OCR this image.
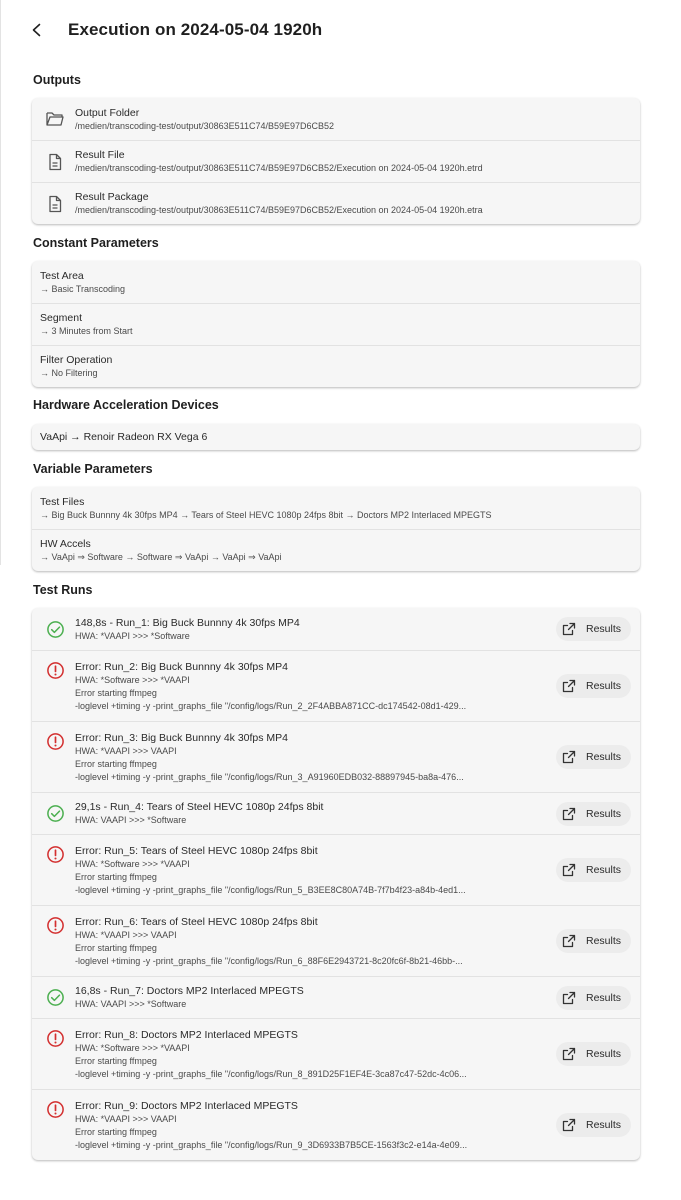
Execution on 2024-05-04 1920h
Outputs
Output Folder
/medien/transcoding-test/output/30863E511C74/B59E97D6CB52
Result File
/medien/transcoding-test/output/30863E511C74/B59E97D6CB52/Execution on 2024-05-04 1920h.etrd
Result Package
/medien/transcoding-test/output/30863E511C74/B59E97D6CB52/Execution on 2024-05-04 1920h.etra
Constant Parameters
Test Area
→ Basic Transcoding
Segment
→ 3 Minutes from Start
Filter Operation
→ No Filtering
Hardware Acceleration Devices
VaApi → Renoir Radeon RX Vega 6
Variable Parameters
Test Files
→ Big Buck Bunnny 4k 30fps MP4 → Tears of Steel HEVC 1080p 24fps 8bit → Doctors MP2 Interlaced MPEGTS
HW Accels
→ VaApi ⇒ Software → Software ⇒ VaApi → VaApi ⇒ VaApi
Test Runs
148,8s - Run_1: Big Buck Bunnny 4k 30fps MP4
HWA: *VAAPI >>> *Software
Results
Error: Run_2: Big Buck Bunnny 4k 30fps MP4
HWA: *Software >>> *VAAPI
Error starting ffmpeg
-loglevel +timing -y -print_graphs_file "/config/logs/Run_2_2F4ABBA871CC-dc174542-08d1-429...
Results
Error: Run_3: Big Buck Bunnny 4k 30fps MP4
HWA: *VAAPI >>> VAAPI
Error starting ffmpeg
-loglevel +timing -y -print_graphs_file "/config/logs/Run_3_A91960EDB032-88897945-ba8a-476...
Results
29,1s - Run_4: Tears of Steel HEVC 1080p 24fps 8bit
HWA: VAAPI >>> *Software
Results
Error: Run_5: Tears of Steel HEVC 1080p 24fps 8bit
HWA: *Software >>> *VAAPI
Error starting ffmpeg
-loglevel +timing -y -print_graphs_file "/config/logs/Run_5_B3EE8C80A74B-7f7b4f23-a84b-4ed1...
Results
Error: Run_6: Tears of Steel HEVC 1080p 24fps 8bit
HWA: *VAAPI >>> VAAPI
Error starting ffmpeg
-loglevel +timing -y -print_graphs_file "/config/logs/Run_6_88F6E2943721-8c20fc6f-8b21-46bb-...
Results
16,8s - Run_7: Doctors MP2 Interlaced MPEGTS
HWA: VAAPI >>> *Software
Results
Error: Run_8: Doctors MP2 Interlaced MPEGTS
HWA: *Software >>> *VAAPI
Error starting ffmpeg
-loglevel +timing -y -print_graphs_file "/config/logs/Run_8_891D25F1EF4E-3ca87c47-52dc-4c06...
Results
Error: Run_9: Doctors MP2 Interlaced MPEGTS
HWA: *VAAPI >>> VAAPI
Error starting ffmpeg
-loglevel +timing -y -print_graphs_file "/config/logs/Run_9_3D6933B7B5CE-1563f3c2-e14a-4e09...
Results
